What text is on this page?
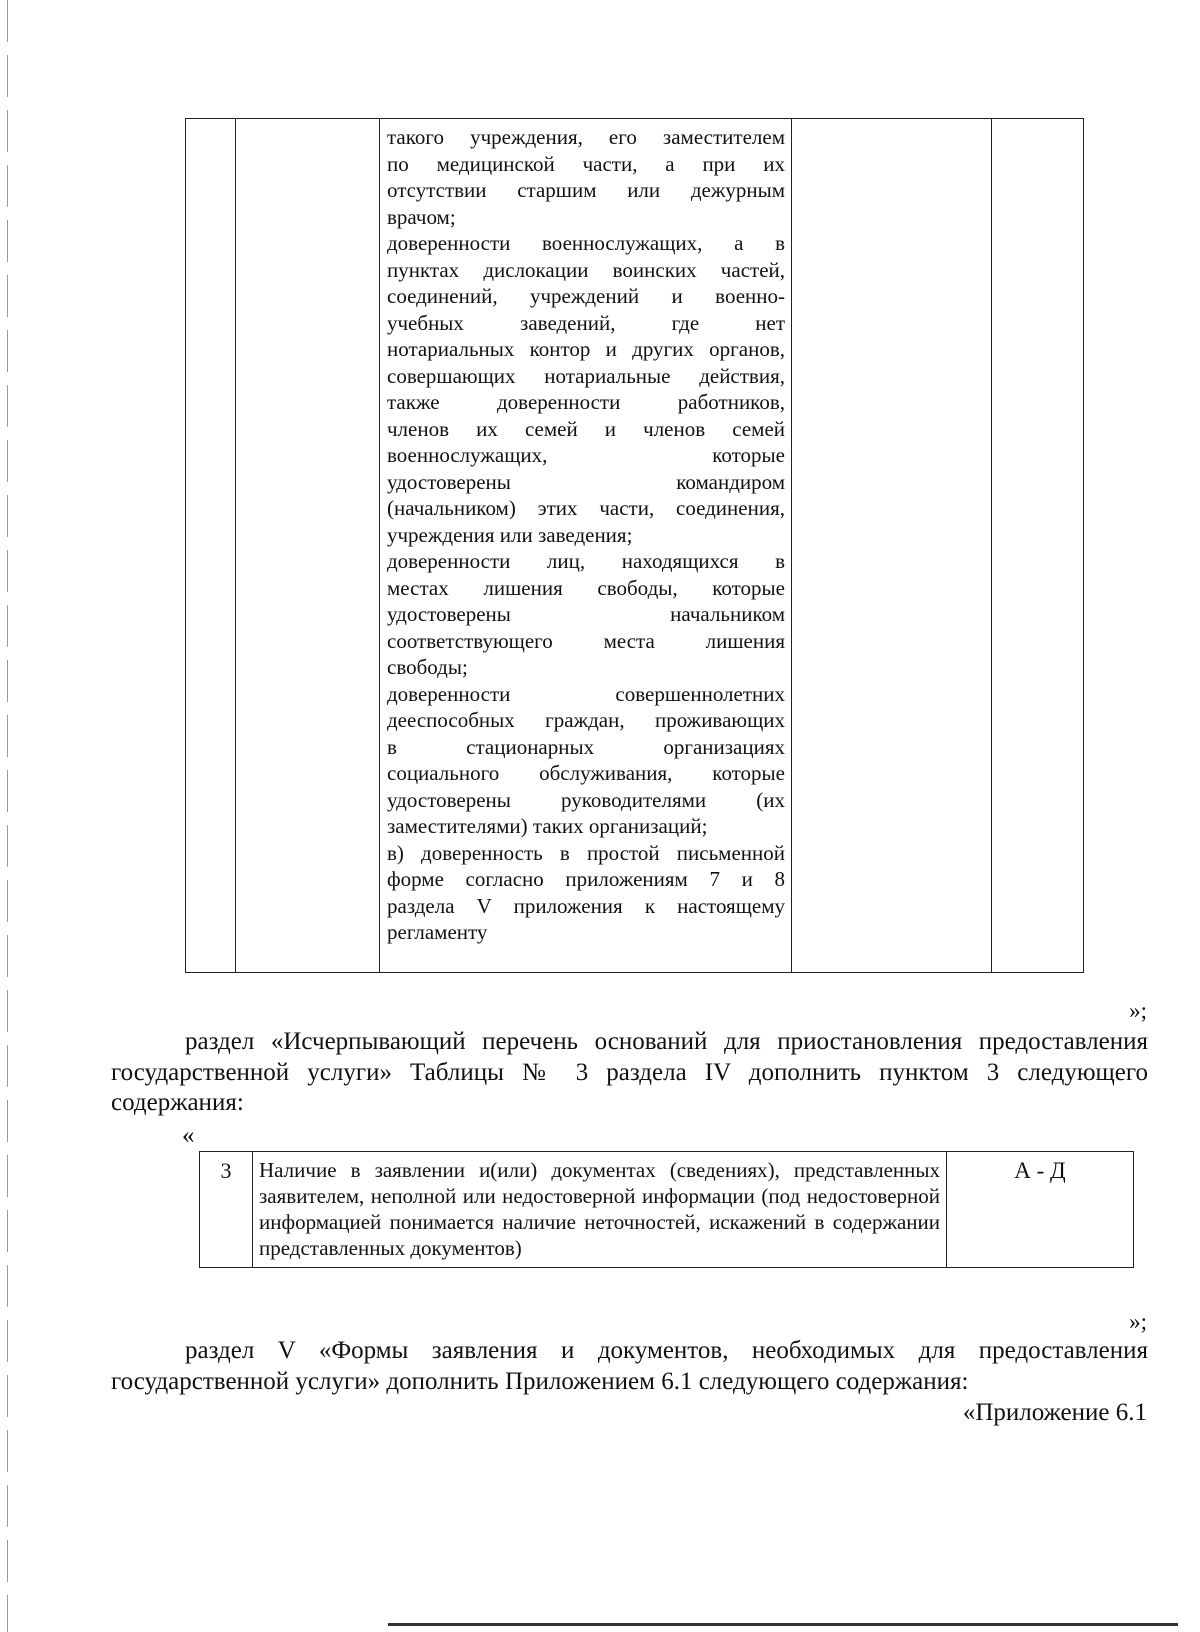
такого учреждения, его заместителем

по медицинской части, а при их

отсутствии старшим или дежурным

врачом;

доверенности военнослужащих, а в

пунктах дислокации воинских частей,

соединений, учреждений и военно-

учебных заведений, где нет

нотариальных контор и других органов,

совершающих нотариальные действия,

также доверенности работников,

членов их семей и членов семей

военнослужащих, которые

удостоверены командиром

(начальником) этих части, соединения,

учреждения или заведения;

доверенности лиц, находящихся в

местах лишения свободы, которые

удостоверены начальником

соответствующего места лишения

свободы;

доверенности совершеннолетних

дееспособных граждан, проживающих

в стационарных организациях

социального обслуживания, которые

удостоверены руководителями (их

заместителями) таких организаций;

в) доверенность в простой письменной

форме согласно приложениям 7 и 8

раздела V приложения к настоящему

регламенту

»;

раздел «Исчерпывающий перечень оснований для приостановления предоставления государственной услуги» Таблицы № 3 раздела IV дополнить пунктом 3 следующего содержания:

«
3	Наличие в заявлении и(или) документах (сведениях), представленных заявителем, неполной или недостоверной информации (под недостоверной информацией понимается наличие неточностей, искажений в содержании представленных документов)	А - Д
»;

раздел V «Формы заявления и документов, необходимых для предоставления государственной услуги» дополнить Приложением 6.1 следующего содержания:

«Приложение 6.1
